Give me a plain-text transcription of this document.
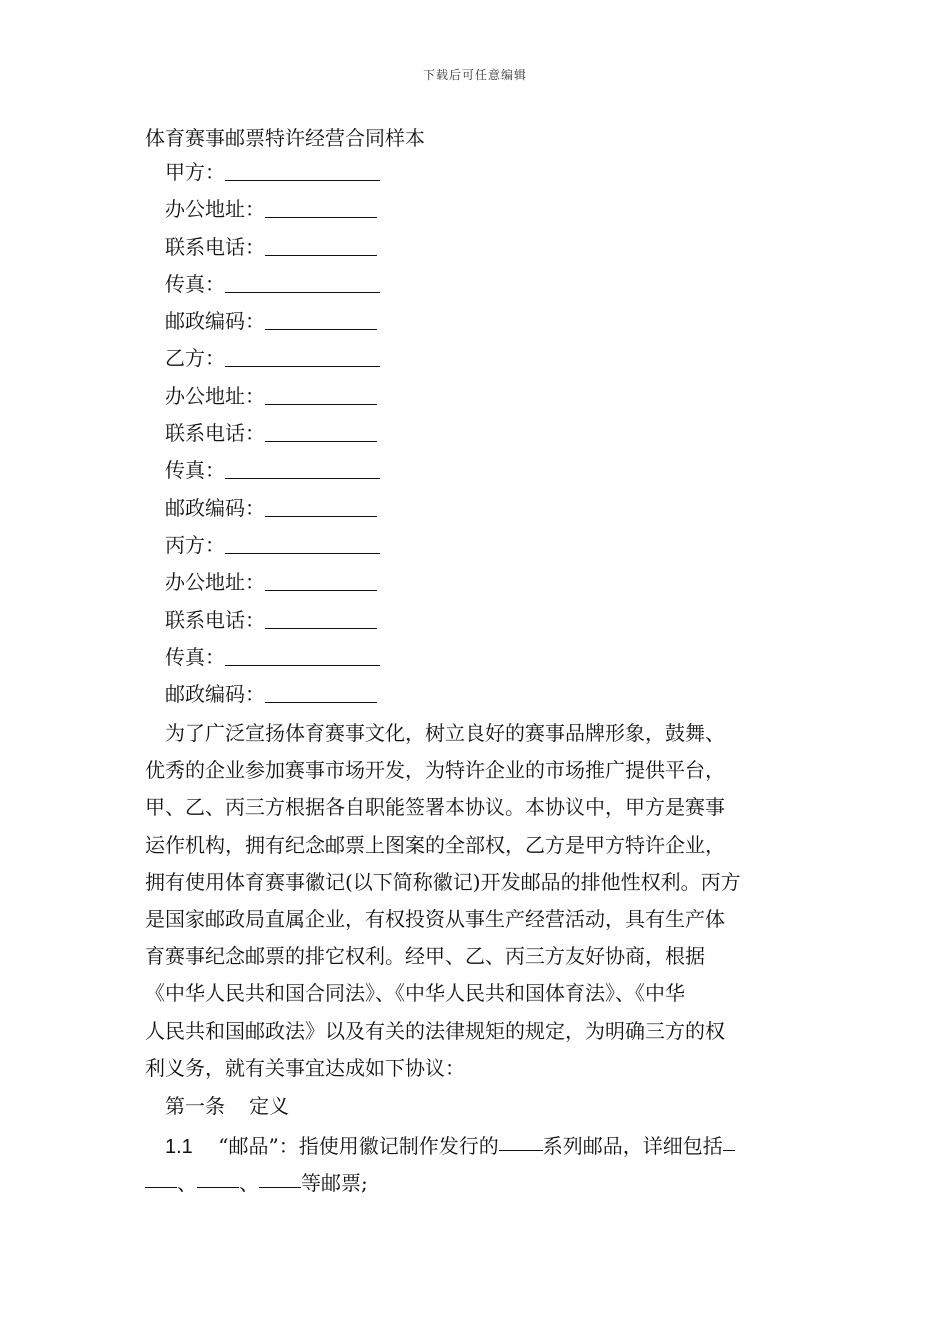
下载后可任意编辑
体育赛事邮票特许经营合同样本
甲方：
办公地址：
联系电话：
传真：
邮政编码：
乙方：
办公地址：
联系电话：
传真：
邮政编码：
丙方：
办公地址：
联系电话：
传真：
邮政编码：
为了广泛宣扬体育赛事文化，树立良好的赛事品牌形象，鼓舞、
优秀的企业参加赛事市场开发，为特许企业的市场推广提供平台，
甲、乙、丙三方根据各自职能签署本协议。本协议中，甲方是赛事
运作机构，拥有纪念邮票上图案的全部权，乙方是甲方特许企业，
拥有使用体育赛事徽记(以下简称徽记)开发邮品的排他性权利。丙方
是国家邮政局直属企业，有权投资从事生产经营活动，具有生产体
育赛事纪念邮票的排它权利。经甲、乙、丙三方友好协商，根据
《中华人民共和国合同法》、《中华人民共和国体育法》、《中华
人民共和国邮政法》以及有关的法律规矩的规定，为明确三方的权
利义务，就有关事宜达成如下协议：
第一条 定义
1.1 “邮品”：指使用徽记制作发行的 系列邮品，详细包括
、 、 等邮票;
